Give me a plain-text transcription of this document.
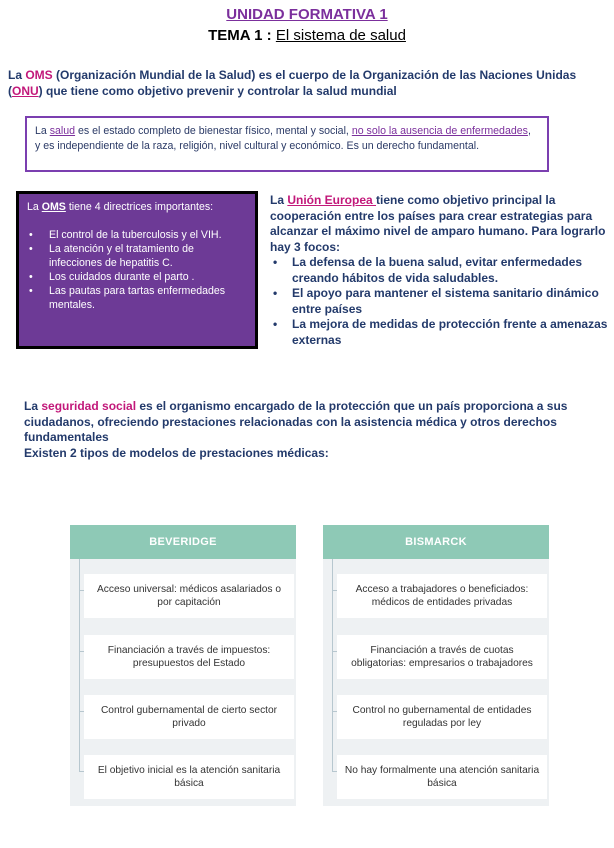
UNIDAD FORMATIVA 1
TEMA 1 : El sistema de salud
La OMS (Organización Mundial de la Salud) es el cuerpo de la Organización de las Naciones Unidas (ONU) que tiene como objetivo prevenir y controlar la salud mundial
La salud es el estado completo de bienestar físico, mental y social, no solo la ausencia de enfermedades, y es independiente de la raza, religión, nivel cultural y económico. Es un derecho fundamental.
La OMS tiene 4 directrices importantes:
• El control de la tuberculosis y el VIH.
• La atención y el tratamiento de infecciones de hepatitis C.
• Los cuidados durante el parto .
• Las pautas para tartas enfermedades mentales.
La Unión Europea tiene como objetivo principal la cooperación entre los países para crear estrategias para alcanzar el máximo nivel de amparo humano. Para lograrlo hay 3 focos:
• La defensa de la buena salud, evitar enfermedades creando hábitos de vida saludables.
• El apoyo para mantener el sistema sanitario dinámico entre países
• La mejora de medidas de protección frente a amenazas externas
La seguridad social es el organismo encargado de la protección que un país proporciona a sus ciudadanos, ofreciendo prestaciones relacionadas con la asistencia médica y otros derechos fundamentales
Existen 2 tipos de modelos de prestaciones médicas:
BEVERIDGE
Acceso universal: médicos asalariados o por capitación
Financiación a través de impuestos: presupuestos del Estado
Control gubernamental de cierto sector privado
El objetivo inicial es la atención sanitaria básica
BISMARCK
Acceso a trabajadores o beneficiados: médicos de entidades privadas
Financiación a través de cuotas obligatorias: empresarios o trabajadores
Control no gubernamental de entidades reguladas por ley
No hay formalmente una atención sanitaria básica
